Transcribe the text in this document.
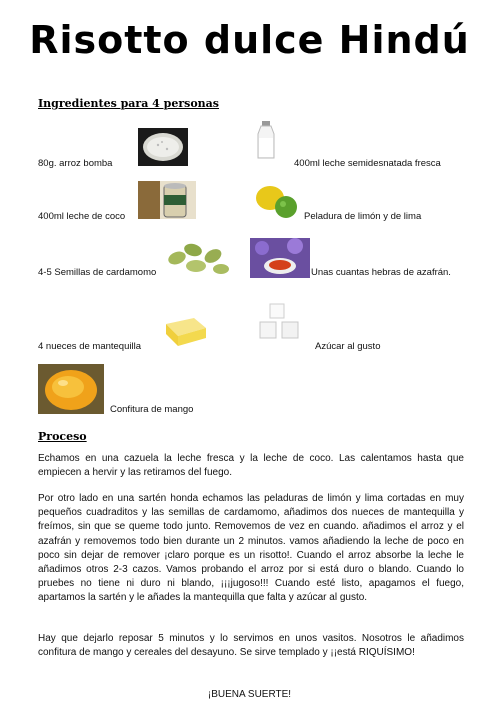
Risotto dulce Hindú
Ingredientes para 4 personas
80g. arroz bomba	400ml leche semidesnatada fresca
400ml leche de coco	Peladura de limón y de lima
4-5 Semillas de cardamomo	Unas cuantas hebras de azafrán.
4 nueces de mantequilla	Azúcar al gusto
Confitura de mango
Proceso

Echamos en una cazuela la leche fresca y la leche de coco. Las calentamos hasta que empiecen a hervir y las retiramos del fuego.

Por otro lado en una sartén honda echamos las peladuras de limón y lima cortadas en muy pequeños cuadraditos y las semillas de cardamomo, añadimos dos nueces de mantequilla y freímos, sin que se queme todo junto. Removemos de vez en cuando. añadimos el arroz y el azafrán y removemos todo bien durante un 2 minutos. vamos añadiendo la leche de poco en poco sin dejar de remover ¡claro porque es un risotto!. Cuando el arroz absorbe la leche le añadimos otros 2-3 cazos. Vamos probando el arroz por si está duro o blando. Cuando lo pruebes no tiene ni duro ni blando, ¡¡¡jugoso!!! Cuando esté listo, apagamos el fuego, apartamos la sartén y le añades la mantequilla que falta y azúcar al gusto.

Hay que dejarlo reposar 5 minutos y lo servimos en unos vasitos. Nosotros le añadimos confitura de mango y cereales del desayuno. Se sirve templado y ¡¡está RIQUÍSIMO!

¡BUENA SUERTE!
